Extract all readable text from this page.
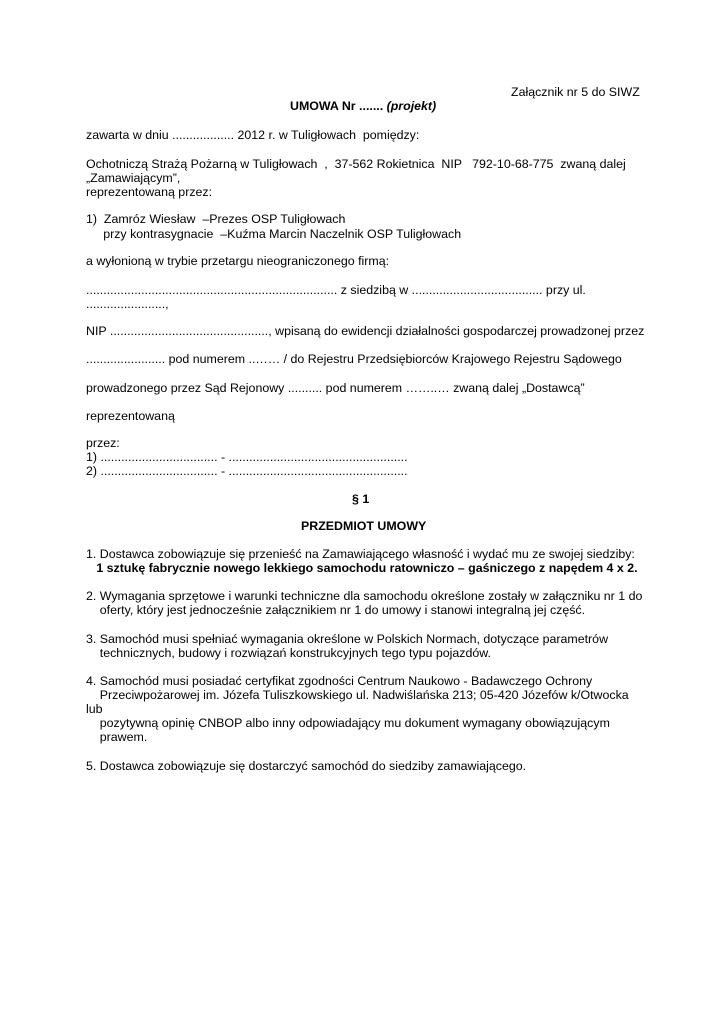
Załącznik nr 5 do SIWZ
UMOWA Nr ....... (projekt)
zawarta w dniu .................. 2012 r. w Tuligłowach  pomiędzy:
Ochotniczą Strażą Pożarną w Tuligłowach  ,  37-562 Rokietnica  NIP   792-10-68-775  zwaną dalej
„Zamawiającym”,
reprezentowaną przez:
1)  Zamróz Wiesław  –Prezes OSP Tuligłowach
przy kontrasygnacie  –Kuźma Marcin Naczelnik OSP Tuligłowach
a wyłonioną w trybie przetargu nieograniczonego firmą:
......................................................................... z siedzibą w ...................................... przy ul.
.......................,
NIP .............................................., wpisaną do ewidencji działalności gospodarczej prowadzonej przez
....................... pod numerem ..…… / do Rejestru Przedsiębiorców Krajowego Rejestru Sądowego
prowadzonego przez Sąd Rejonowy .......... pod numerem ……..… zwaną dalej „Dostawcą”
reprezentowaną
przez:
1) .................................. - ....................................................
2) .................................. - ....................................................
§ 1
PRZEDMIOT UMOWY
1. Dostawca zobowiązuje się przenieść na Zamawiającego własność i wydać mu ze swojej siedziby:
1 sztukę fabrycznie nowego lekkiego samochodu ratowniczo – gaśniczego z napędem 4 x 2.
2. Wymagania sprzętowe i warunki techniczne dla samochodu określone zostały w załączniku nr 1 do
oferty, który jest jednocześnie załącznikiem nr 1 do umowy i stanowi integralną jej część.
3. Samochód musi spełniać wymagania określone w Polskich Normach, dotyczące parametrów
technicznych, budowy i rozwiązań konstrukcyjnych tego typu pojazdów.
4. Samochód musi posiadać certyfikat zgodności Centrum Naukowo - Badawczego Ochrony
Przeciwpożarowej im. Józefa Tuliszkowskiego ul. Nadwiślańska 213; 05-420 Józefów k/Otwocka
lub
pozytywną opinię CNBOP albo inny odpowiadający mu dokument wymagany obowiązującym
prawem.
5. Dostawca zobowiązuje się dostarczyć samochód do siedziby zamawiającego.
